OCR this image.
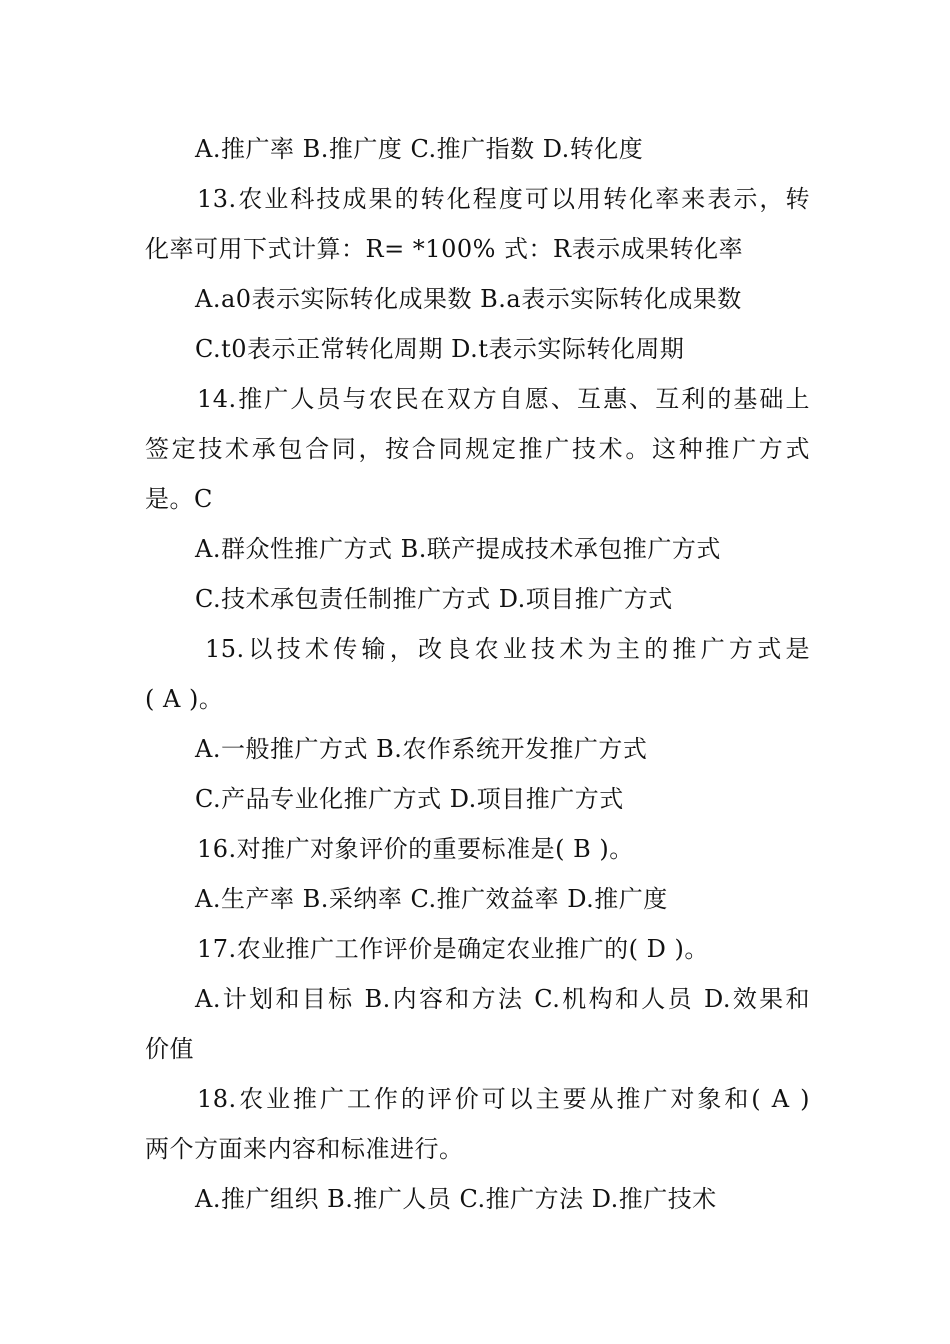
A.推广率 B.推广度 C.推广指数 D.转化度
13.农业科技成果的转化程度可以用转化率来表示，转
化率可用下式计算：R= *100% 式：R表示成果转化率
A.a0表示实际转化成果数 B.a表示实际转化成果数
C.t0表示正常转化周期 D.t表示实际转化周期
14.推广人员与农民在双方自愿、互惠、互利的基础上
签定技术承包合同，按合同规定推广技术。这种推广方式
是。C
A.群众性推广方式 B.联产提成技术承包推广方式
C.技术承包责任制推广方式 D.项目推广方式
15.以技术传输，改良农业技术为主的推广方式是
( A )。
A.一般推广方式 B.农作系统开发推广方式
C.产品专业化推广方式 D.项目推广方式
16.对推广对象评价的重要标准是( B )。
A.生产率 B.采纳率 C.推广效益率 D.推广度
17.农业推广工作评价是确定农业推广的( D )。
A.计划和目标 B.内容和方法 C.机构和人员 D.效果和
价值
18.农业推广工作的评价可以主要从推广对象和( A )
两个方面来内容和标准进行。
A.推广组织 B.推广人员 C.推广方法 D.推广技术
